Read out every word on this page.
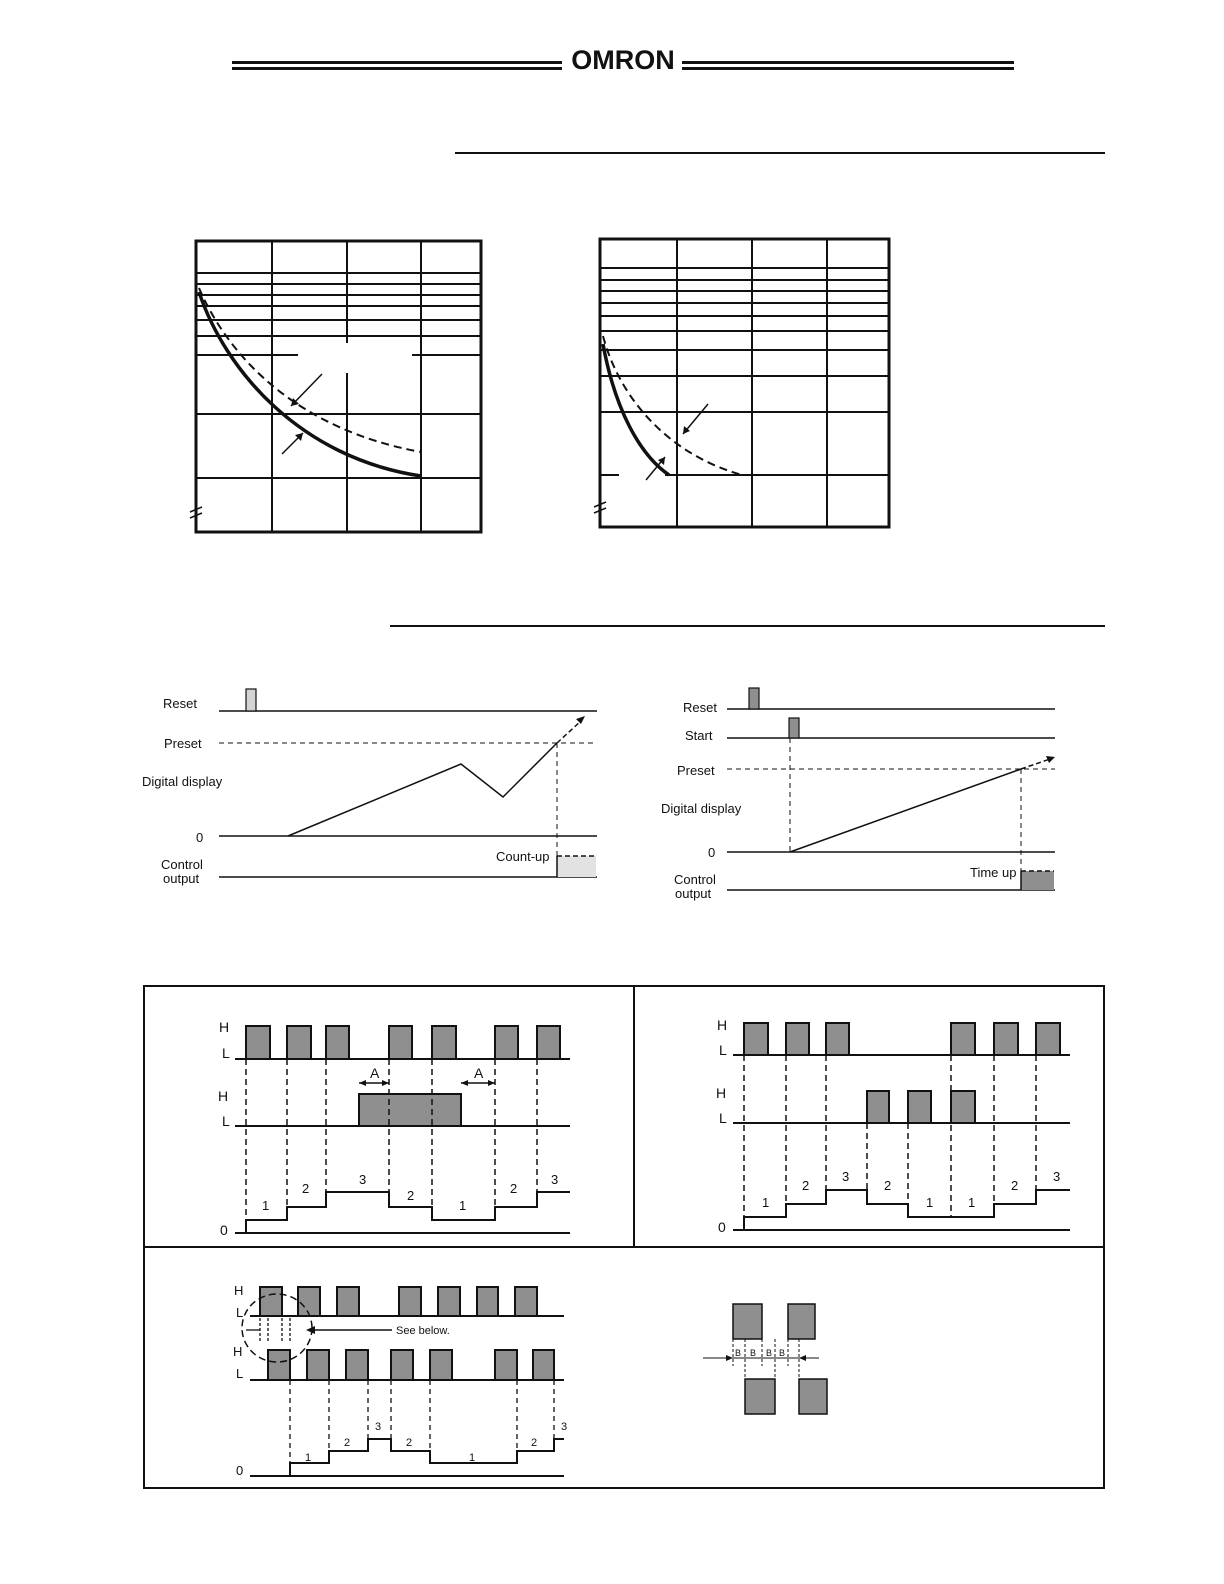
OMRON
Reset
Preset
Digital display
0
Control
output
Count-up
Reset
Start
Preset
Digital display
0
Control
output
Time up
H
L
H
L
0
A	A
1
2
3
2
1
2
3
H
L
H
L
0
1
2
3
2
1	1
2
3
H
L
H
L
0
See below.
1
2
3
2
1
2
3
B B B B
